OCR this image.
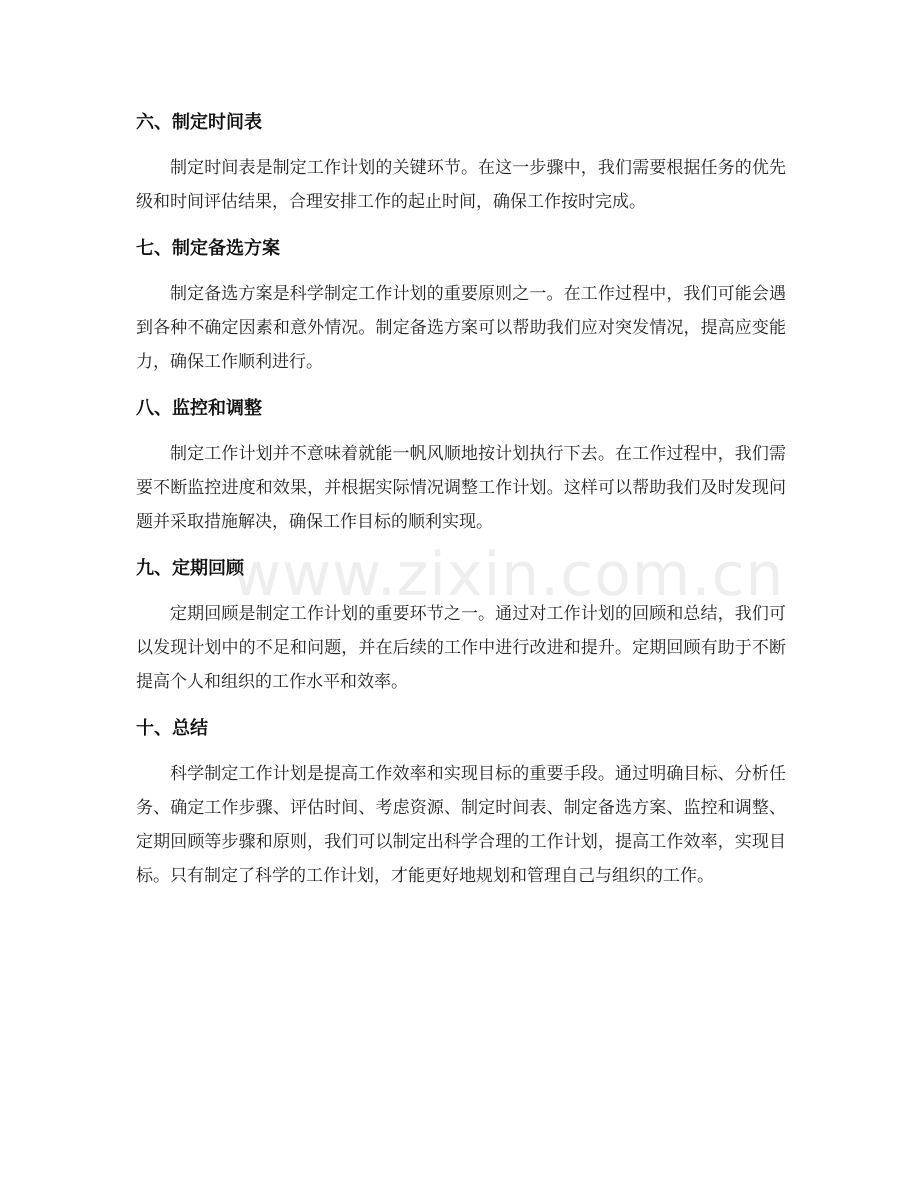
六、制定时间表

制定时间表是制定工作计划的关键环节。在这一步骤中，我们需要根据任务的优先级和时间评估结果，合理安排工作的起止时间，确保工作按时完成。

七、制定备选方案

制定备选方案是科学制定工作计划的重要原则之一。在工作过程中，我们可能会遇到各种不确定因素和意外情况。制定备选方案可以帮助我们应对突发情况，提高应变能力，确保工作顺利进行。

八、监控和调整

制定工作计划并不意味着就能一帆风顺地按计划执行下去。在工作过程中，我们需要不断监控进度和效果，并根据实际情况调整工作计划。这样可以帮助我们及时发现问题并采取措施解决，确保工作目标的顺利实现。

九、定期回顾

定期回顾是制定工作计划的重要环节之一。通过对工作计划的回顾和总结，我们可以发现计划中的不足和问题，并在后续的工作中进行改进和提升。定期回顾有助于不断提高个人和组织的工作水平和效率。

十、总结

科学制定工作计划是提高工作效率和实现目标的重要手段。通过明确目标、分析任务、确定工作步骤、评估时间、考虑资源、制定时间表、制定备选方案、监控和调整、定期回顾等步骤和原则，我们可以制定出科学合理的工作计划，提高工作效率，实现目标。只有制定了科学的工作计划，才能更好地规划和管理自己与组织的工作。

www.zixin.com.cn
